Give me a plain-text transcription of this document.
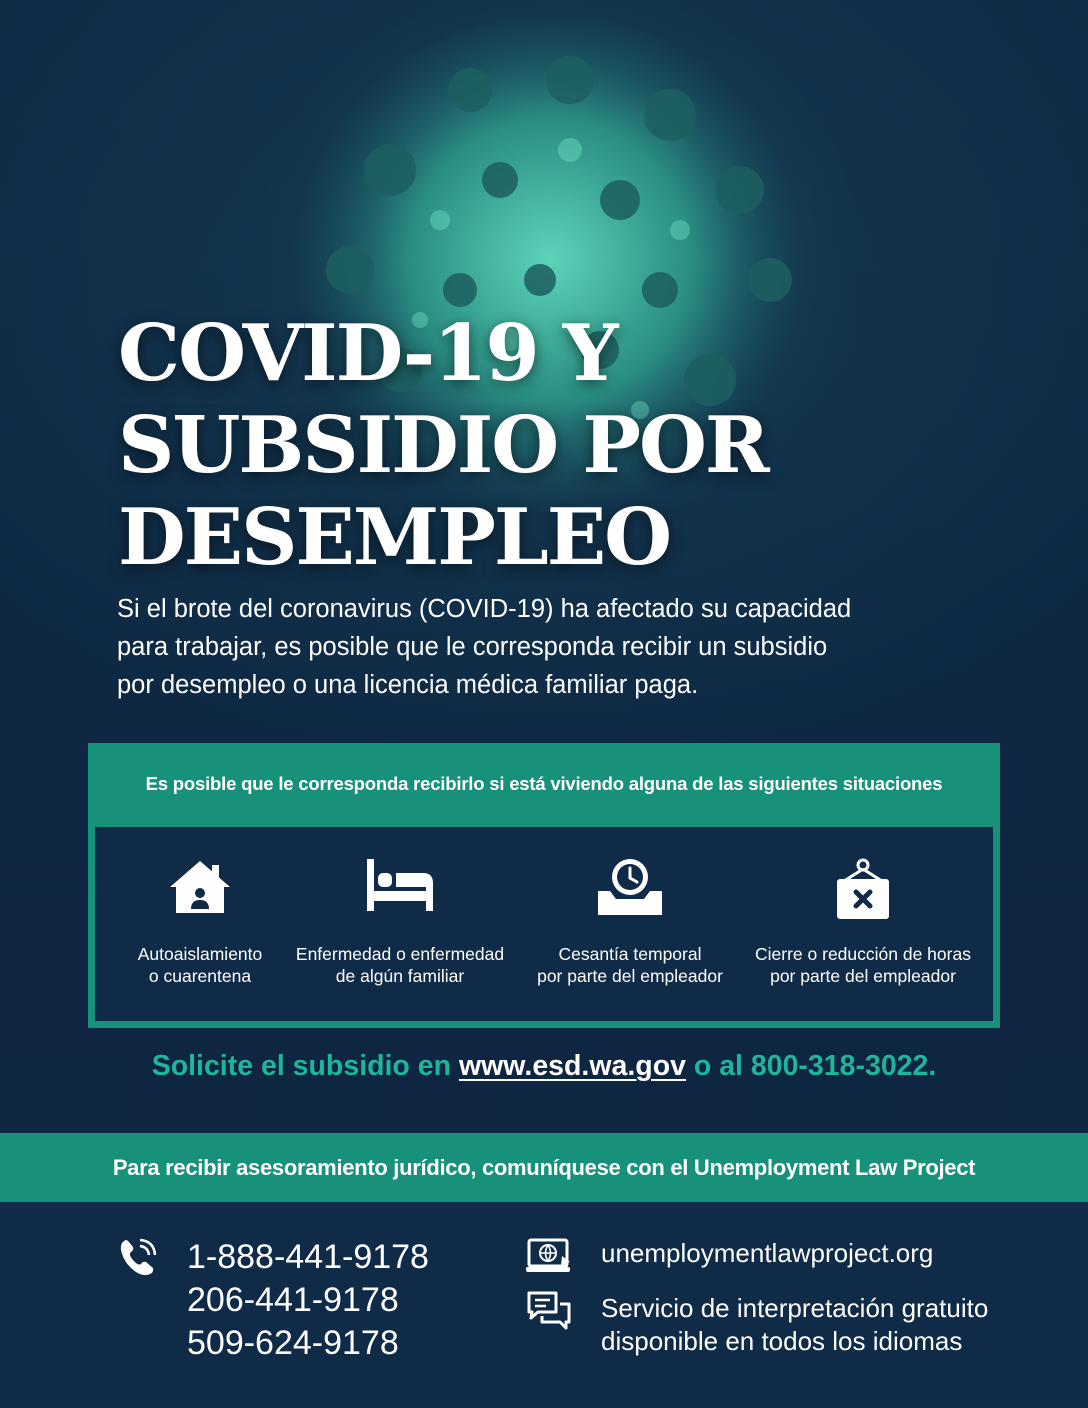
COVID-19 Y
SUBSIDIO POR
DESEMPLEO

Si el brote del coronavirus (COVID-19) ha afectado su capacidad
para trabajar, es posible que le corresponda recibir un subsidio
por desempleo o una licencia médica familiar paga.

Es posible que le corresponda recibirlo si está viviendo alguna de las siguientes situaciones
Autoaislamiento
o cuarentena
Enfermedad o enfermedad
de algún familiar
Cesantía temporal
por parte del empleador
Cierre o reducción de horas
por parte del empleador

Solicite el subsidio en www.esd.wa.gov o al 800-318-3022.

Para recibir asesoramiento jurídico, comuníquese con el Unemployment Law Project
1-888-441-9178
206-441-9178
509-624-9178
unemploymentlawproject.org
Servicio de interpretación gratuito
disponible en todos los idiomas
